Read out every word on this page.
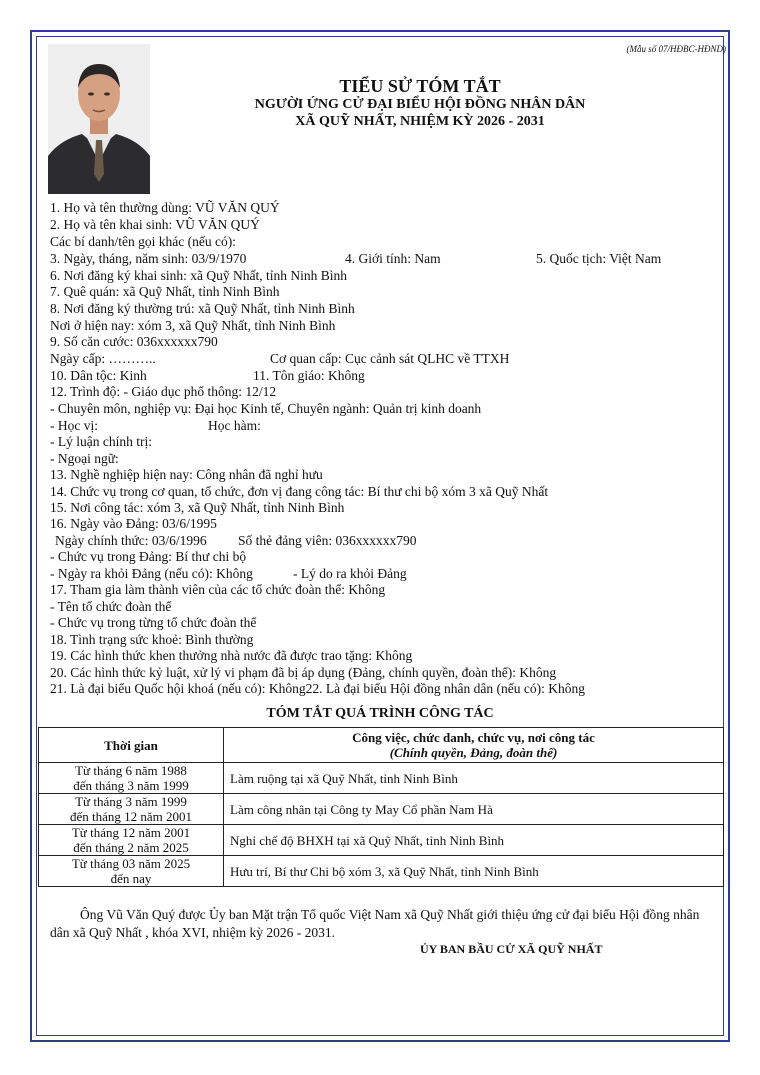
(Mẫu số 07/HĐBC-HĐND)
TIỂU SỬ TÓM TẮT
NGƯỜI ỨNG CỬ ĐẠI BIỂU HỘI ĐỒNG NHÂN DÂN
XÃ QUỸ NHẤT, NHIỆM KỲ 2026 - 2031
1. Họ và tên thường dùng: VŨ VĂN QUÝ
2. Họ và tên khai sinh: VŨ VĂN QUÝ
Các bí danh/tên gọi khác (nếu có):
3. Ngày, tháng, năm sinh: 03/9/1970	4. Giới tính: Nam	5. Quốc tịch: Việt Nam
6. Nơi đăng ký khai sinh: xã Quỹ Nhất, tỉnh Ninh Bình
7. Quê quán: xã Quỹ Nhất, tỉnh Ninh Bình
8. Nơi đăng ký thường trú: xã Quỹ Nhất, tỉnh Ninh Bình
Nơi ở hiện nay: xóm 3, xã Quỹ Nhất, tỉnh Ninh Bình
9. Số căn cước: 036xxxxxx790
Ngày cấp: ………..	Cơ quan cấp: Cục cảnh sát QLHC về TTXH
10. Dân tộc: Kinh	11. Tôn giáo: Không
12. Trình độ: - Giáo dục phổ thông: 12/12
- Chuyên môn, nghiệp vụ: Đại học Kinh tế, Chuyên ngành: Quản trị kinh doanh
- Học vị:	Học hàm:
- Lý luận chính trị:
- Ngoại ngữ:
13. Nghề nghiệp hiện nay: Công nhân đã nghỉ hưu
14. Chức vụ trong cơ quan, tổ chức, đơn vị đang công tác: Bí thư chi bộ xóm 3 xã Quỹ Nhất
15. Nơi công tác: xóm 3, xã Quỹ Nhất, tỉnh Ninh Bình
16. Ngày vào Đảng: 03/6/1995
Ngày chính thức: 03/6/1996 Số thẻ đảng viên: 036xxxxxx790
- Chức vụ trong Đảng: Bí thư chi bộ
- Ngày ra khỏi Đảng (nếu có): Không	- Lý do ra khỏi Đảng
17. Tham gia làm thành viên của các tổ chức đoàn thể: Không
- Tên tổ chức đoàn thể
- Chức vụ trong từng tổ chức đoàn thể
18. Tình trạng sức khoẻ: Bình thường
19. Các hình thức khen thưởng nhà nước đã được trao tặng: Không
20. Các hình thức kỷ luật, xử lý vi phạm đã bị áp dụng (Đảng, chính quyền, đoàn thể): Không
21. Là đại biểu Quốc hội khoá (nếu có): Không22. Là đại biểu Hội đồng nhân dân (nếu có): Không
TÓM TẮT QUÁ TRÌNH CÔNG TÁC
Thời gian	Công việc, chức danh, chức vụ, nơi công tác
(Chính quyền, Đảng, đoàn thể)

Từ tháng 6 năm 1988
đến tháng 3 năm 1999	Làm ruộng tại xã Quỹ Nhất, tỉnh Ninh Bình

Từ tháng 3 năm 1999
đến tháng 12 năm 2001	Làm công nhân tại Công ty May Cổ phần Nam Hà

Từ tháng 12 năm 2001
đến tháng 2 năm 2025	Nghỉ chế độ BHXH tại xã Quỹ Nhất, tỉnh Ninh Bình

Từ tháng 03 năm 2025
đến nay	Hưu trí, Bí thư Chi bộ xóm 3, xã Quỹ Nhất, tỉnh Ninh Bình
Ông Vũ Văn Quý được Ủy ban Mặt trận Tổ quốc Việt Nam xã Quỹ Nhất giới thiệu ứng cử đại biểu Hội đồng nhân dân xã Quỹ Nhất , khóa XVI, nhiệm kỳ 2026 - 2031.
ỦY BAN BẦU CỬ XÃ QUỸ NHẤT
